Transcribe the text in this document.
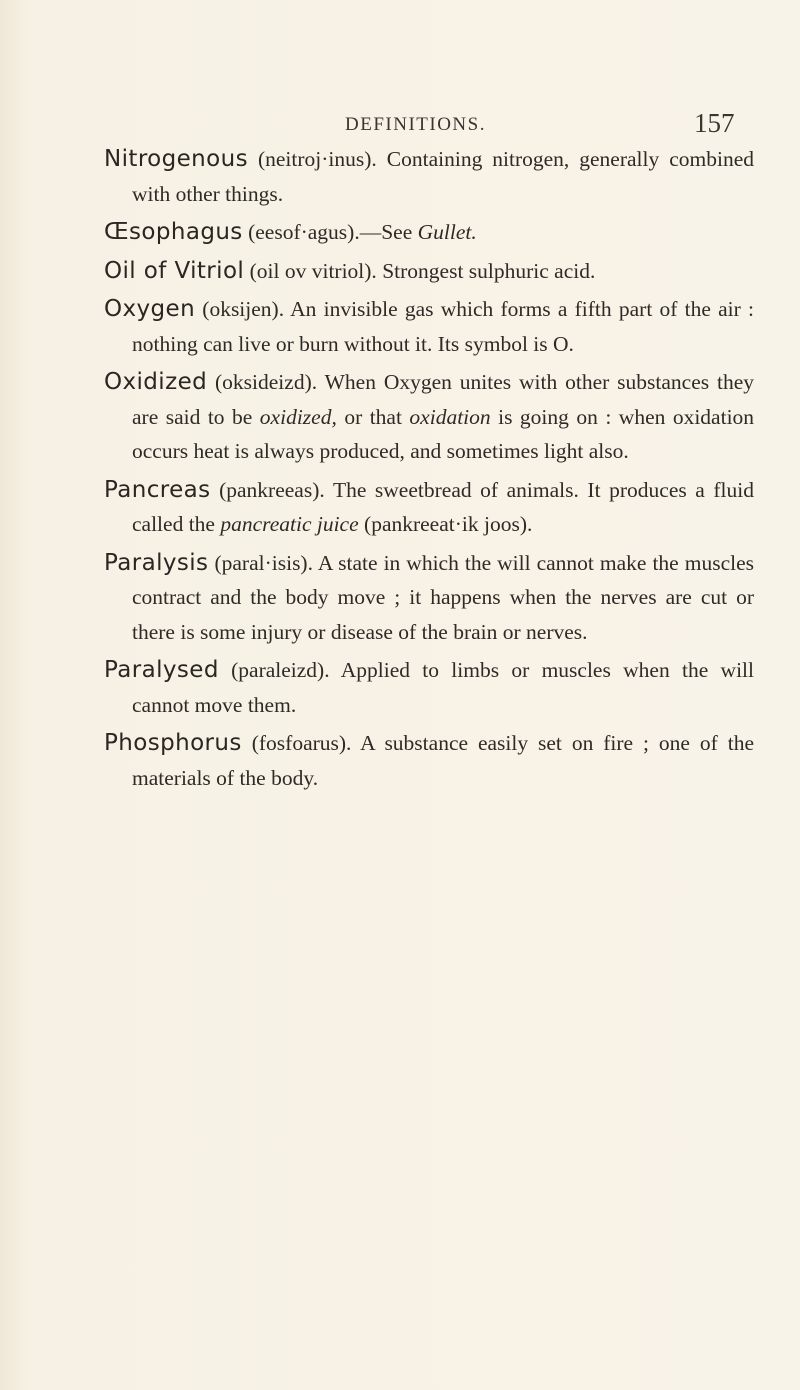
DEFINITIONS.	157

Nitrogenous (neitroj·inus). Containing nitrogen, generally combined with other things.

Œsophagus (eesof·agus).—See Gullet.

Oil of Vitriol (oil ov vitriol). Strongest sulphuric acid.

Oxygen (oksijen). An invisible gas which forms a fifth part of the air : nothing can live or burn without it. Its symbol is O.

Oxidized (oksideizd). When Oxygen unites with other substances they are said to be oxidized, or that oxidation is going on : when oxidation occurs heat is always produced, and sometimes light also.

Pancreas (pankreeas). The sweetbread of animals. It produces a fluid called the pancreatic juice (pankreeat·ik joos).

Paralysis (paral·isis). A state in which the will cannot make the muscles contract and the body move ; it happens when the nerves are cut or there is some injury or disease of the brain or nerves.

Paralysed (paraleizd). Applied to limbs or muscles when the will cannot move them.

Phosphorus (fosfoarus). A substance easily set on fire ; one of the materials of the body.
